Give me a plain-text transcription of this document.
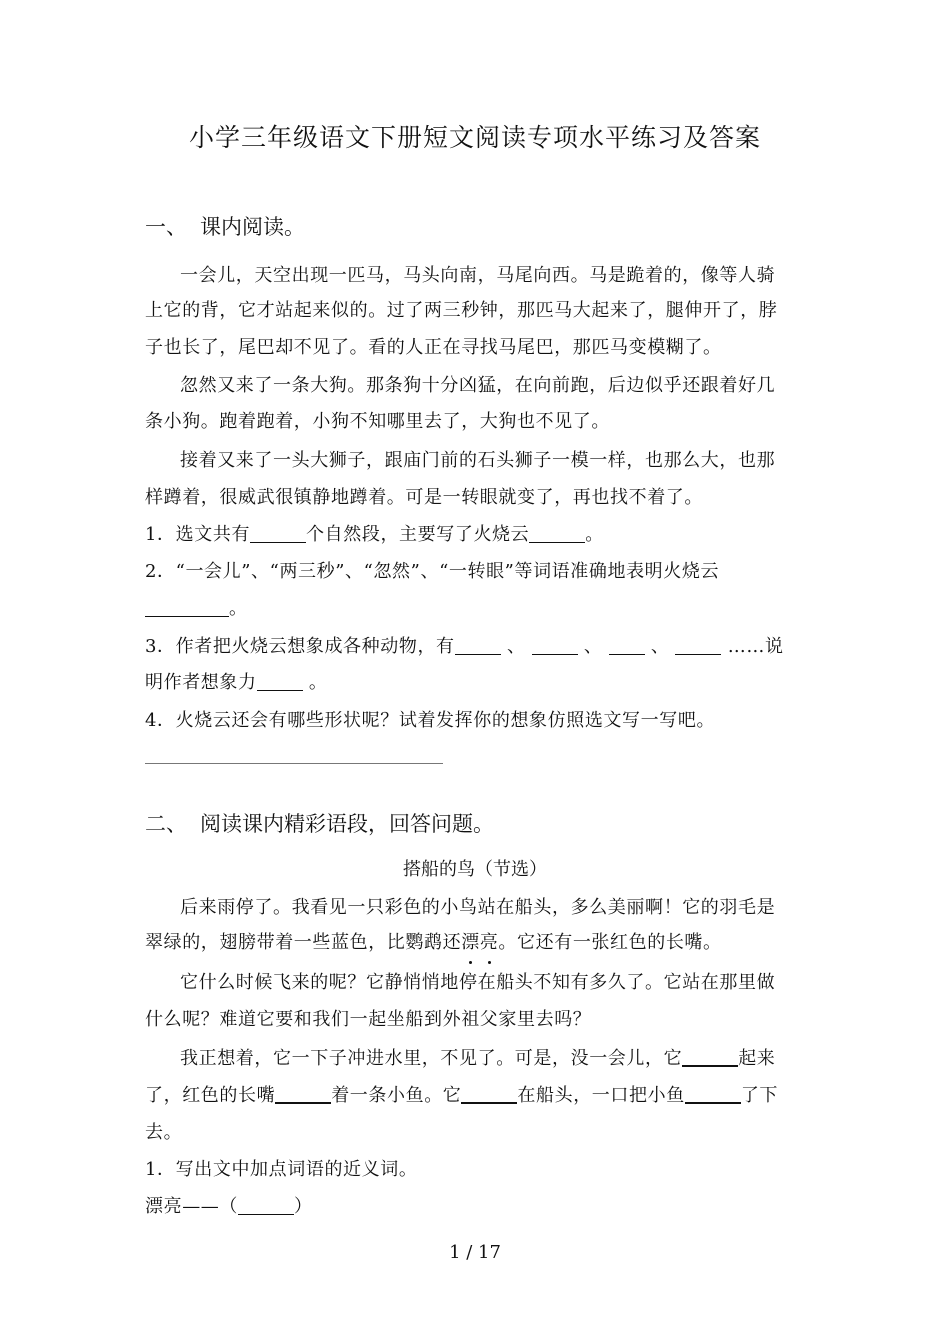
小学三年级语文下册短文阅读专项水平练习及答案
一、 课内阅读。
一会儿，天空出现一匹马，马头向南，马尾向西。马是跪着的，像等人骑
上它的背，它才站起来似的。过了两三秒钟，那匹马大起来了，腿伸开了，脖
子也长了，尾巴却不见了。看的人正在寻找马尾巴，那匹马变模糊了。
忽然又来了一条大狗。那条狗十分凶猛，在向前跑，后边似乎还跟着好几
条小狗。跑着跑着，小狗不知哪里去了，大狗也不见了。
接着又来了一头大狮子，跟庙门前的石头狮子一模一样，也那么大，也那
样蹲着，很威武很镇静地蹲着。可是一转眼就变了，再也找不着了。
1．选文共有	个自然段，主要写了火烧云	。
2．“一会儿”、“两三秒”、“忽然”、“一转眼”等词语准确地表明火烧云
。
3．作者把火烧云想象成各种动物，有	、	、 、	……说
明作者想象力	。
4．火烧云还会有哪些形状呢？试着发挥你的想象仿照选文写一写吧。
二、 阅读课内精彩语段，回答问题。
搭船的鸟（节选）
后来雨停了。我看见一只彩色的小鸟站在船头，多么美丽啊！它的羽毛是
翠绿的，翅膀带着一些蓝色，比鹦鹉还漂亮。它还有一张红色的长嘴。
它什么时候飞来的呢？它静悄悄地停在船头不知有多久了。它站在那里做
什么呢？难道它要和我们一起坐船到外祖父家里去吗？
我正想着，它一下子冲进水里，不见了。可是，没一会儿，它	起来
了，红色的长嘴	着一条小鱼。它	在船头，一口把小鱼	了下
去。
1．写出文中加点词语的近义词。
漂亮——（	）
1 / 17
